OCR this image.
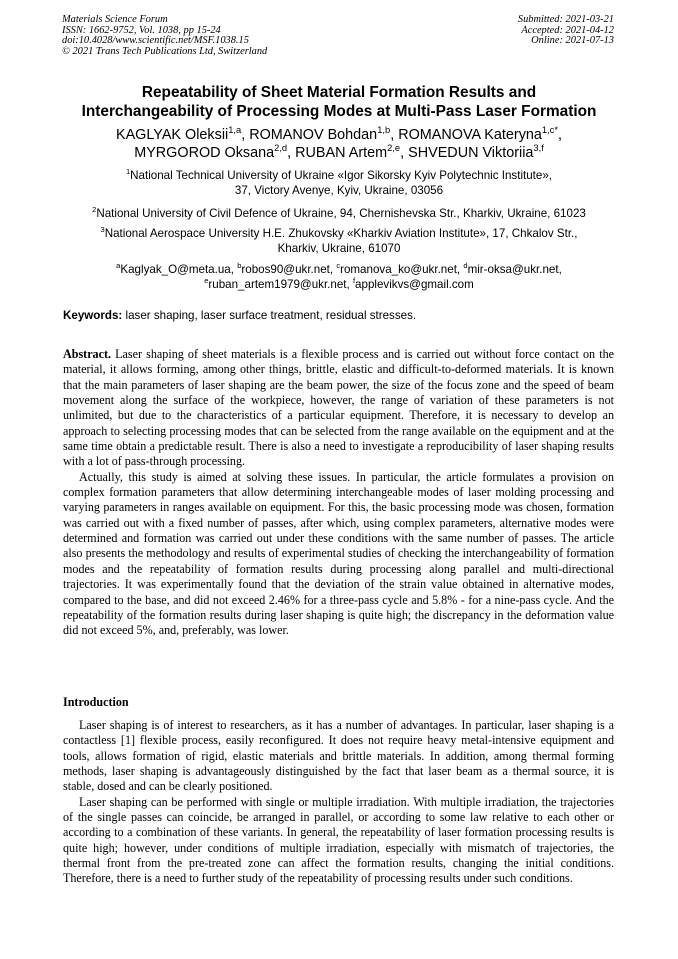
Materials Science Forum
ISSN: 1662-9752, Vol. 1038, pp 15-24
doi:10.4028/www.scientific.net/MSF.1038.15
© 2021 Trans Tech Publications Ltd, Switzerland
Submitted: 2021-03-21
Accepted: 2021-04-12
Online: 2021-07-13
Repeatability of Sheet Material Formation Results and
Interchangeability of Processing Modes at Multi-Pass Laser Formation
KAGLYAK Oleksii$^{1,a}$, ROMANOV Bohdan$^{1,b}$, ROMANOVA Kateryna$^{1,c*}$,
MYRGOROD Oksana$^{2,d}$, RUBAN Artem$^{2,e}$, SHVEDUN Viktoriia$^{3,f}$
$^1$National Technical University of Ukraine «Igor Sikorsky Kyiv Polytechnic Institute»,
37, Victory Avenye, Kyiv, Ukraine, 03056
$^2$National University of Civil Defence of Ukraine, 94, Chernishevska Str., Kharkiv, Ukraine, 61023
$^3$National Aerospace University H.E. Zhukovsky «Kharkiv Aviation Institute», 17, Chkalov Str.,
Kharkiv, Ukraine, 61070
$^a$Kaglyak_O@meta.ua, $^b$robos90@ukr.net, $^c$romanova_ko@ukr.net, $^d$mir-oksa@ukr.net,
$^e$ruban_artem1979@ukr.net, $^f$applevikvs@gmail.com
Keywords: laser shaping, laser surface treatment, residual stresses.

Abstract. Laser shaping of sheet materials is a flexible process and is carried out without force contact on the material, it allows forming, among other things, brittle, elastic and difficult-to-deformed materials. It is known that the main parameters of laser shaping are the beam power, the size of the focus zone and the speed of beam movement along the surface of the workpiece, however, the range of variation of these parameters is not unlimited, but due to the characteristics of a particular equipment. Therefore, it is necessary to develop an approach to selecting processing modes that can be selected from the range available on the equipment and at the same time obtain a predictable result. There is also a need to investigate a reproducibility of laser shaping results with a lot of pass-through processing.

Actually, this study is aimed at solving these issues. In particular, the article formulates a provision on complex formation parameters that allow determining interchangeable modes of laser molding processing and varying parameters in ranges available on equipment. For this, the basic processing mode was chosen, formation was carried out with a fixed number of passes, after which, using complex parameters, alternative modes were determined and formation was carried out under these conditions with the same number of passes. The article also presents the methodology and results of experimental studies of checking the interchangeability of formation modes and the repeatability of formation results during processing along parallel and multi-directional trajectories. It was experimentally found that the deviation of the strain value obtained in alternative modes, compared to the base, and did not exceed 2.46% for a three-pass cycle and 5.8% - for a nine-pass cycle. And the repeatability of the formation results during laser shaping is quite high; the discrepancy in the deformation value did not exceed 5%, and, preferably, was lower.

Introduction

Laser shaping is of interest to researchers, as it has a number of advantages. In particular, laser shaping is a contactless [1] flexible process, easily reconfigured. It does not require heavy metal-intensive equipment and tools, allows formation of rigid, elastic materials and brittle materials. In addition, among thermal forming methods, laser shaping is advantageously distinguished by the fact that laser beam as a thermal source, it is stable, dosed and can be clearly positioned.

Laser shaping can be performed with single or multiple irradiation. With multiple irradiation, the trajectories of the single passes can coincide, be arranged in parallel, or according to some law relative to each other or according to a combination of these variants. In general, the repeatability of laser formation processing results is quite high; however, under conditions of multiple irradiation, especially with mismatch of trajectories, the thermal front from the pre-treated zone can affect the formation results, changing the initial conditions. Therefore, there is a need to further study of the repeatability of processing results under such conditions.
